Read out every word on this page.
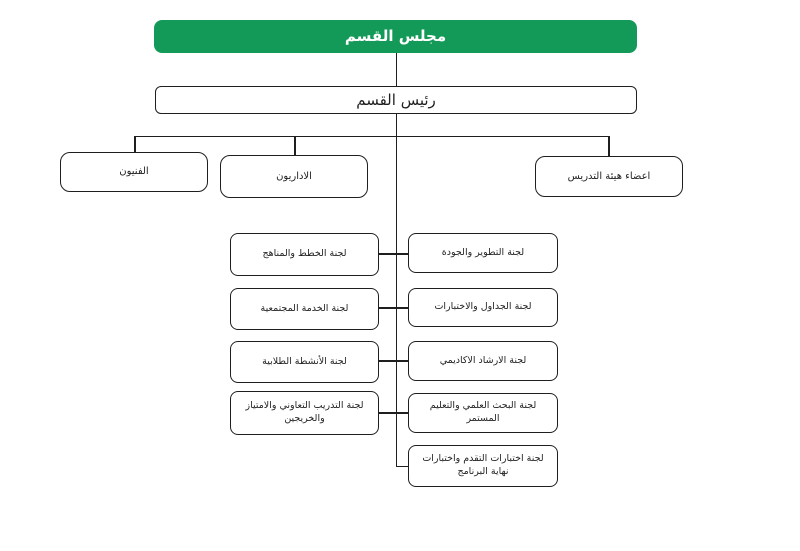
مجلس القسم
رئيس القسم
الفنيون	الاداريون	اعضاء هيئة التدريس
لجنة الخطط والمناهج
لجنة الخدمة المجتمعية
لجنة الأنشطة الطلابية
لجنة التدريب التعاوني والامتياز والخريجين
لجنة التطوير والجودة
لجنة الجداول والاختبارات
لجنة الارشاد الاكاديمي
لجنة البحث العلمي والتعليم المستمر
لجنة اختبارات التقدم واختبارات نهاية البرنامج
